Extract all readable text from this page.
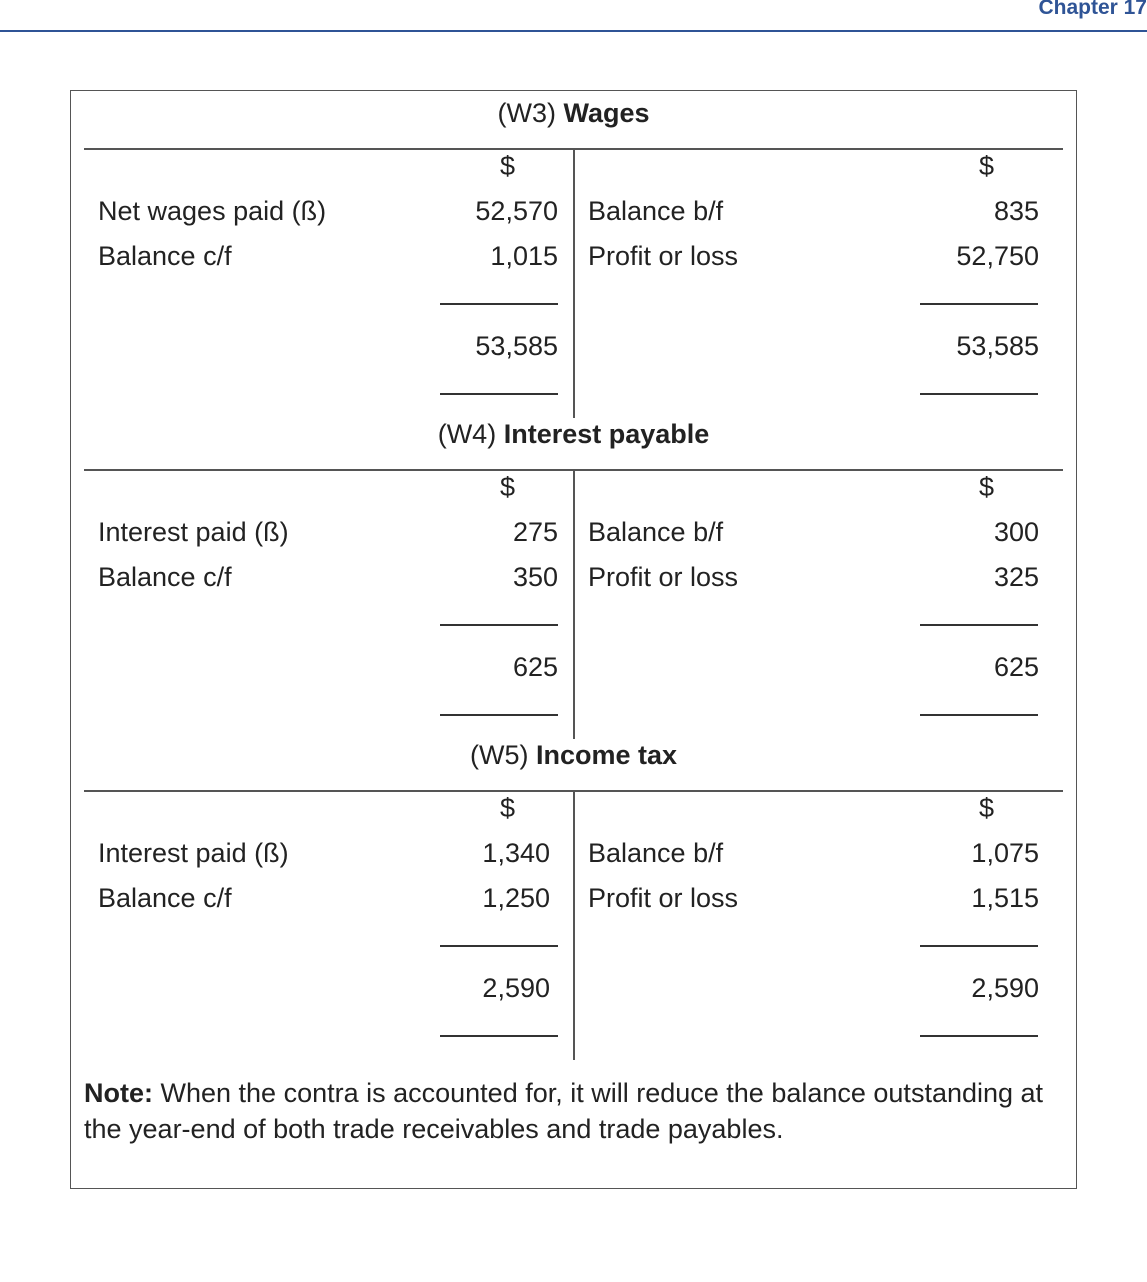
Chapter 17
(W3) Wages
$	$
Net wages paid (ß)	52,570 Balance b/f	835
Balance c/f	1,015 Profit or loss	52,750
53,585	53,585
(W4) Interest payable
$	$
Interest paid (ß)	275 Balance b/f	300
Balance c/f	350 Profit or loss	325
625	625
(W5) Income tax
$	$
Interest paid (ß)	1,340 Balance b/f	1,075
Balance c/f	1,250 Profit or loss	1,515
2,590	2,590
Note: When the contra is accounted for, it will reduce the balance outstanding at the year-end of both trade receivables and trade payables.
